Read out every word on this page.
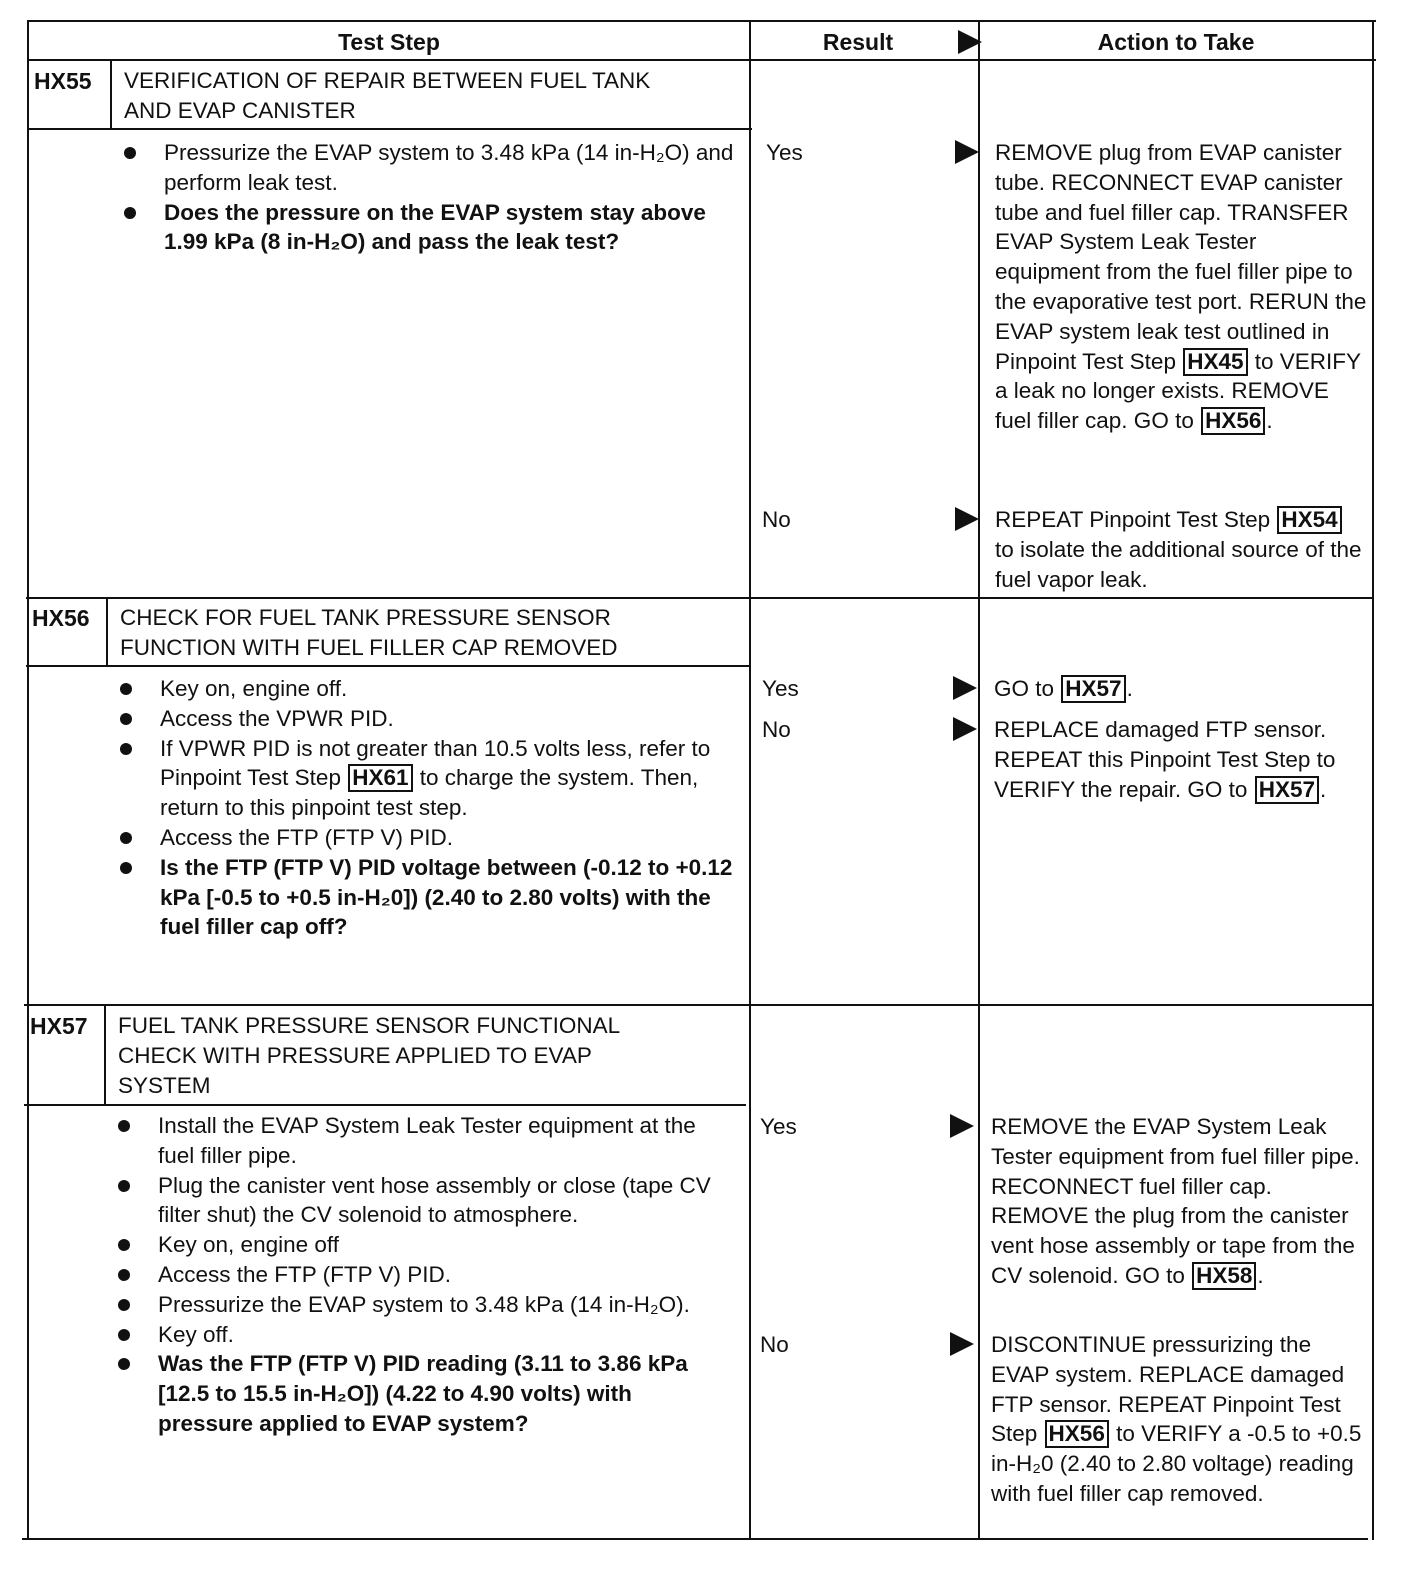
Test Step	Result	Action to Take
HX55 VERIFICATION OF REPAIR BETWEEN FUEL TANK
AND EVAP CANISTER
Pressurize the EVAP system to 3.48 kPa (14 in-H₂O) and perform leak test.
Does the pressure on the EVAP system stay above 1.99 kPa (8 in-H₂O) and pass the leak test?
Yes	REMOVE plug from EVAP canister tube. RECONNECT EVAP canister tube and fuel filler cap. TRANSFER EVAP System Leak Tester equipment from the fuel filler pipe to the evaporative test port. RERUN the EVAP system leak test outlined in Pinpoint Test Step HX45 to VERIFY a leak no longer exists. REMOVE fuel filler cap. GO to HX56 .
No	REPEAT Pinpoint Test Step HX54 to isolate the additional source of the fuel vapor leak.
HX56 CHECK FOR FUEL TANK PRESSURE SENSOR
FUNCTION WITH FUEL FILLER CAP REMOVED
Key on, engine off.
Access the VPWR PID.
If VPWR PID is not greater than 10.5 volts less, refer to Pinpoint Test Step HX61 to charge the system. Then, return to this pinpoint test step.
Access the FTP (FTP V) PID.
Is the FTP (FTP V) PID voltage between (-0.12 to +0.12 kPa [-0.5 to +0.5 in-H₂0]) (2.40 to 2.80 volts) with the fuel filler cap off?
Yes	GO to HX57 .
No	REPLACE damaged FTP sensor. REPEAT this Pinpoint Test Step to VERIFY the repair. GO to HX57 .
HX57 FUEL TANK PRESSURE SENSOR FUNCTIONAL
CHECK WITH PRESSURE APPLIED TO EVAP
SYSTEM
Install the EVAP System Leak Tester equipment at the fuel filler pipe.
Plug the canister vent hose assembly or close (tape CV filter shut) the CV solenoid to atmosphere.
Key on, engine off
Access the FTP (FTP V) PID.
Pressurize the EVAP system to 3.48 kPa (14 in-H₂O).
Key off.
Was the FTP (FTP V) PID reading (3.11 to 3.86 kPa [12.5 to 15.5 in-H₂O]) (4.22 to 4.90 volts) with pressure applied to EVAP system?
Yes	REMOVE the EVAP System Leak Tester equipment from fuel filler pipe. RECONNECT fuel filler cap. REMOVE the plug from the canister vent hose assembly or tape from the CV solenoid. GO to HX58 .
No	DISCONTINUE pressurizing the EVAP system. REPLACE damaged FTP sensor. REPEAT Pinpoint Test Step HX56 to VERIFY a -0.5 to +0.5 in-H₂0 (2.40 to 2.80 voltage) reading with fuel filler cap removed.
